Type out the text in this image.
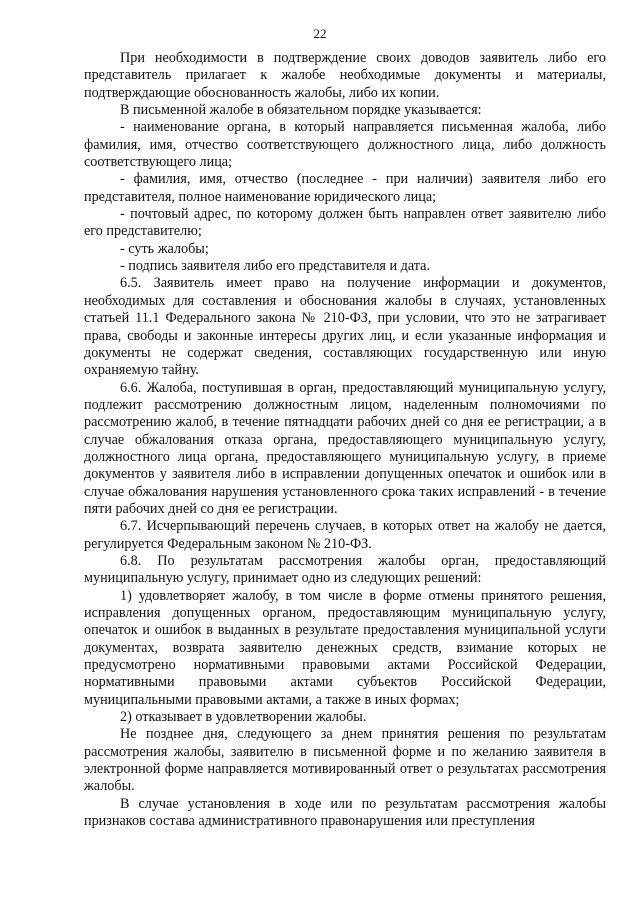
22

При необходимости в подтверждение своих доводов заявитель либо его представитель прилагает к жалобе необходимые документы и материалы, подтверждающие обоснованность жалобы, либо их копии.

В письменной жалобе в обязательном порядке указывается:

- наименование органа, в который направляется письменная жалоба, либо фамилия, имя, отчество соответствующего должностного лица, либо должность соответствующего лица;

- фамилия, имя, отчество (последнее - при наличии) заявителя либо его представителя, полное наименование юридического лица;

- почтовый адрес, по которому должен быть направлен ответ заявителю либо его представителю;

- суть жалобы;

- подпись заявителя либо его представителя и дата.

6.5. Заявитель имеет право на получение информации и документов, необходимых для составления и обоснования жалобы в случаях, установленных статьей 11.1 Федерального закона № 210-ФЗ, при условии, что это не затрагивает права, свободы и законные интересы других лиц, и если указанные информация и документы не содержат сведения, составляющих государственную или иную охраняемую тайну.

6.6. Жалоба, поступившая в орган, предоставляющий муниципальную услугу, подлежит рассмотрению должностным лицом, наделенным полномочиями по рассмотрению жалоб, в течение пятнадцати рабочих дней со дня ее регистрации, а в случае обжалования отказа органа, предоставляющего муниципальную услугу, должностного лица органа, предоставляющего муниципальную услугу, в приеме документов у заявителя либо в исправлении допущенных опечаток и ошибок или в случае обжалования нарушения установленного срока таких исправлений - в течение пяти рабочих дней со дня ее регистрации.

6.7. Исчерпывающий перечень случаев, в которых ответ на жалобу не дается, регулируется Федеральным законом № 210-ФЗ.

6.8. По результатам рассмотрения жалобы орган, предоставляющий муниципальную услугу, принимает одно из следующих решений:

1) удовлетворяет жалобу, в том числе в форме отмены принятого решения, исправления допущенных органом, предоставляющим муниципальную услугу, опечаток и ошибок в выданных в результате предоставления муниципальной услуги документах, возврата заявителю денежных средств, взимание которых не предусмотрено нормативными правовыми актами Российской Федерации, нормативными правовыми актами субъектов Российской Федерации, муниципальными правовыми актами, а также в иных формах;

2) отказывает в удовлетворении жалобы.

Не позднее дня, следующего за днем принятия решения по результатам рассмотрения жалобы, заявителю в письменной форме и по желанию заявителя в электронной форме направляется мотивированный ответ о результатах рассмотрения жалобы.

В случае установления в ходе или по результатам рассмотрения жалобы признаков состава административного правонарушения или преступления
